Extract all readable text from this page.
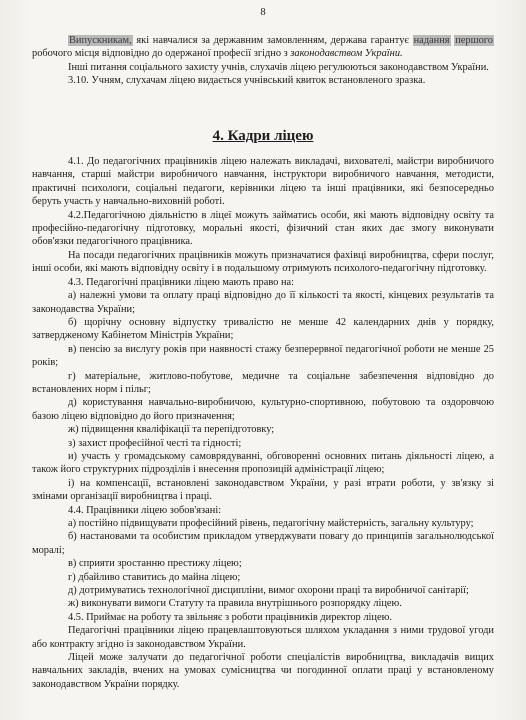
8

Випускникам, які навчалися за державним замовленням, держава гарантує надання першого робочого місця відповідно до одержаної професії згідно з законодавством України.

Інші питання соціального захисту учнів, слухачів ліцею регулюються законодавством України.

3.10. Учням, слухачам ліцею видається учнівський квиток встановленого зразка.

4. Кадри ліцею

4.1. До педагогічних працівників ліцею належать викладачі, вихователі, майстри виробничого навчання, старші майстри виробничого навчання, інструктори виробничого навчання, методисти, практичні психологи, соціальні педагоги, керівники ліцею та інші працівники, які безпосередньо беруть участь у навчально-виховній роботі.

4.2.Педагогічною діяльністю в ліцеї можуть займатись особи, які мають відповідну освіту та професійно-педагогічну підготовку, моральні якості, фізичний стан яких дає змогу виконувати обов'язки педагогічного працівника.

На посади педагогічних працівників можуть призначатися фахівці виробництва, сфери послуг, інші особи, які мають відповідну освіту і в подальшому отримують психолого-педагогічну підготовку.

4.3. Педагогічні працівники ліцею мають право на:

а) належні умови та оплату праці відповідно до її кількості та якості, кінцевих результатів та законодавства України;

б) щорічну основну відпустку тривалістю не менше 42 календарних днів у порядку, затвердженому Кабінетом Міністрів України;

в) пенсію за вислугу років при наявності стажу безперервної педагогічної роботи не менше 25 років;

г) матеріальне, житлово-побутове, медичне та соціальне забезпечення відповідно до встановлених норм і пільг;

д) користування навчально-виробничою, культурно-спортивною, побутовою та оздоровчою базою ліцею відповідно до його призначення;

ж) підвищення кваліфікації та перепідготовку;

з) захист професійної честі та гідності;

и) участь у громадському самоврядуванні, обговоренні основних питань діяльності ліцею, а також його структурних підрозділів і внесення пропозицій адміністрації ліцею;

і) на компенсації, встановлені законодавством України, у разі втрати роботи, у зв'язку зі змінами організації виробництва і праці.

4.4. Працівники ліцею зобов'язані:

а) постійно підвищувати професійний рівень, педагогічну майстерність, загальну культуру;

б) настановами та особистим прикладом утверджувати повагу до принципів загальнолюдської моралі;

в) сприяти зростанню престижу ліцею;

г) дбайливо ставитись до майна ліцею;

д) дотримуватись технологічної дисципліни, вимог охорони праці та виробничої санітарії;

ж) виконувати вимоги Статуту та правила внутрішнього розпорядку ліцею.

4.5. Приймає на роботу та звільняє з роботи працівників директор ліцею.

Педагогічні працівники ліцею працевлаштовуються шляхом укладання з ними трудової угоди або контракту згідно із законодавством України.

Ліцей може залучати до педагогічної роботи спеціалістів виробництва, викладачів вищих навчальних закладів, вчених на умовах сумісництва чи погодинної оплати праці у встановленому законодавством України порядку.
